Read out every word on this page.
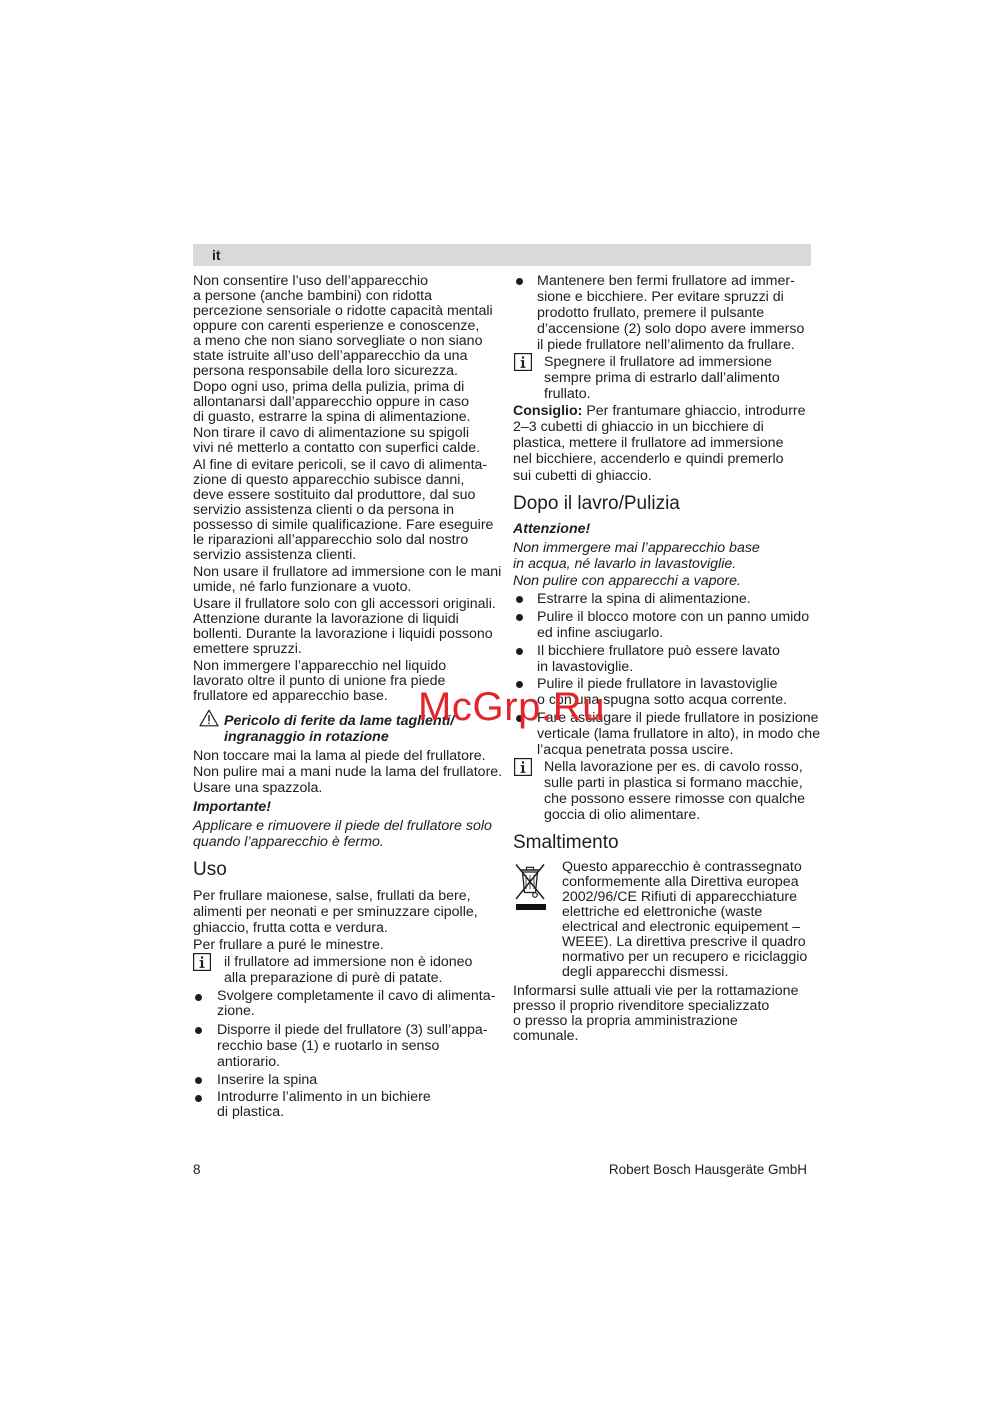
it
Non consentire l’uso dell’apparecchio
a persone (anche bambini) con ridotta
percezione sensoriale o ridotte capacità mentali
oppure con carenti esperienze e conoscenze,
a meno che non siano sorvegliate o non siano
state istruite all’uso dell’apparecchio da una
persona responsabile della loro sicurezza.
Dopo ogni uso, prima della pulizia, prima di
allontanarsi dall’apparecchio oppure in caso
di guasto, estrarre la spina di alimentazione.
Non tirare il cavo di alimentazione su spigoli
vivi né metterlo a contatto con superfici calde.
Al fine di evitare pericoli, se il cavo di alimenta-
zione di questo apparecchio subisce danni,
deve essere sostituito dal produttore, dal suo
servizio assistenza clienti o da persona in
possesso di simile qualificazione. Fare eseguire
le riparazioni all’apparecchio solo dal nostro
servizio assistenza clienti.
Non usare il frullatore ad immersione con le mani
umide, né farlo funzionare a vuoto.
Usare il frullatore solo con gli accessori originali.
Attenzione durante la lavorazione di liquidi
bollenti. Durante la lavorazione i liquidi possono
emettere spruzzi.
Non immergere l’apparecchio nel liquido
lavorato oltre il punto di unione fra piede
frullatore ed apparecchio base.
Pericolo di ferite da lame taglienti/
ingranaggio in rotazione
Non toccare mai la lama al piede del frullatore.
Non pulire mai a mani nude la lama del frullatore.
Usare una spazzola.
Importante!
Applicare e rimuovere il piede del frullatore solo
quando l’apparecchio è fermo.
Uso
Per frullare maionese, salse, frullati da bere,
alimenti per neonati e per sminuzzare cipolle,
ghiaccio, frutta cotta e verdura.
Per frullare a puré le minestre.
il frullatore ad immersione non è idoneo
alla preparazione di purè di patate.
Svolgere completamente il cavo di alimenta-
zione.
Disporre il piede del frullatore (3) sull’appa-
recchio base (1) e ruotarlo in senso
antiorario.
Inserire la spina
Introdurre l’alimento in un bichiere
di plastica.
Mantenere ben fermi frullatore ad immer-
sione e bicchiere. Per evitare spruzzi di
prodotto frullato, premere il pulsante
d’accensione (2) solo dopo avere immerso
il piede frullatore nell’alimento da frullare.
Spegnere il frullatore ad immersione
sempre prima di estrarlo dall’alimento
frullato.
Consiglio: Per frantumare ghiaccio, introdurre
2–3 cubetti di ghiaccio in un bicchiere di
plastica, mettere il frullatore ad immersione
nel bicchiere, accenderlo e quindi premerlo
sui cubetti di ghiaccio.
Dopo il lavro/Pulizia
Attenzione!
Non immergere mai l’apparecchio base
in acqua, né lavarlo in lavastoviglie.
Non pulire con apparecchi a vapore.
Estrarre la spina di alimentazione.
Pulire il blocco motore con un panno umido
ed infine asciugarlo.
Il bicchiere frullatore può essere lavato
in lavastoviglie.
Pulire il piede frullatore in lavastoviglie
o con una spugna sotto acqua corrente.
Fare asciugare il piede frullatore in posizione
verticale (lama frullatore in alto), in modo che
l’acqua penetrata possa uscire.
Nella lavorazione per es. di cavolo rosso,
sulle parti in plastica si formano macchie,
che possono essere rimosse con qualche
goccia di olio alimentare.
Smaltimento
Questo apparecchio è contrassegnato
conformemente alla Direttiva europea
2002/96/CE Rifiuti di apparecchiature
elettriche ed elettroniche (waste
electrical and electronic equipement –
WEEE). La direttiva prescrive il quadro
normativo per un recupero e riciclaggio
degli apparecchi dismessi.
Informarsi sulle attuali vie per la rottamazione
presso il proprio rivenditore specializzato
o presso la propria amministrazione
comunale.
8	Robert Bosch Hausgeräte GmbH
McGrp.Ru
